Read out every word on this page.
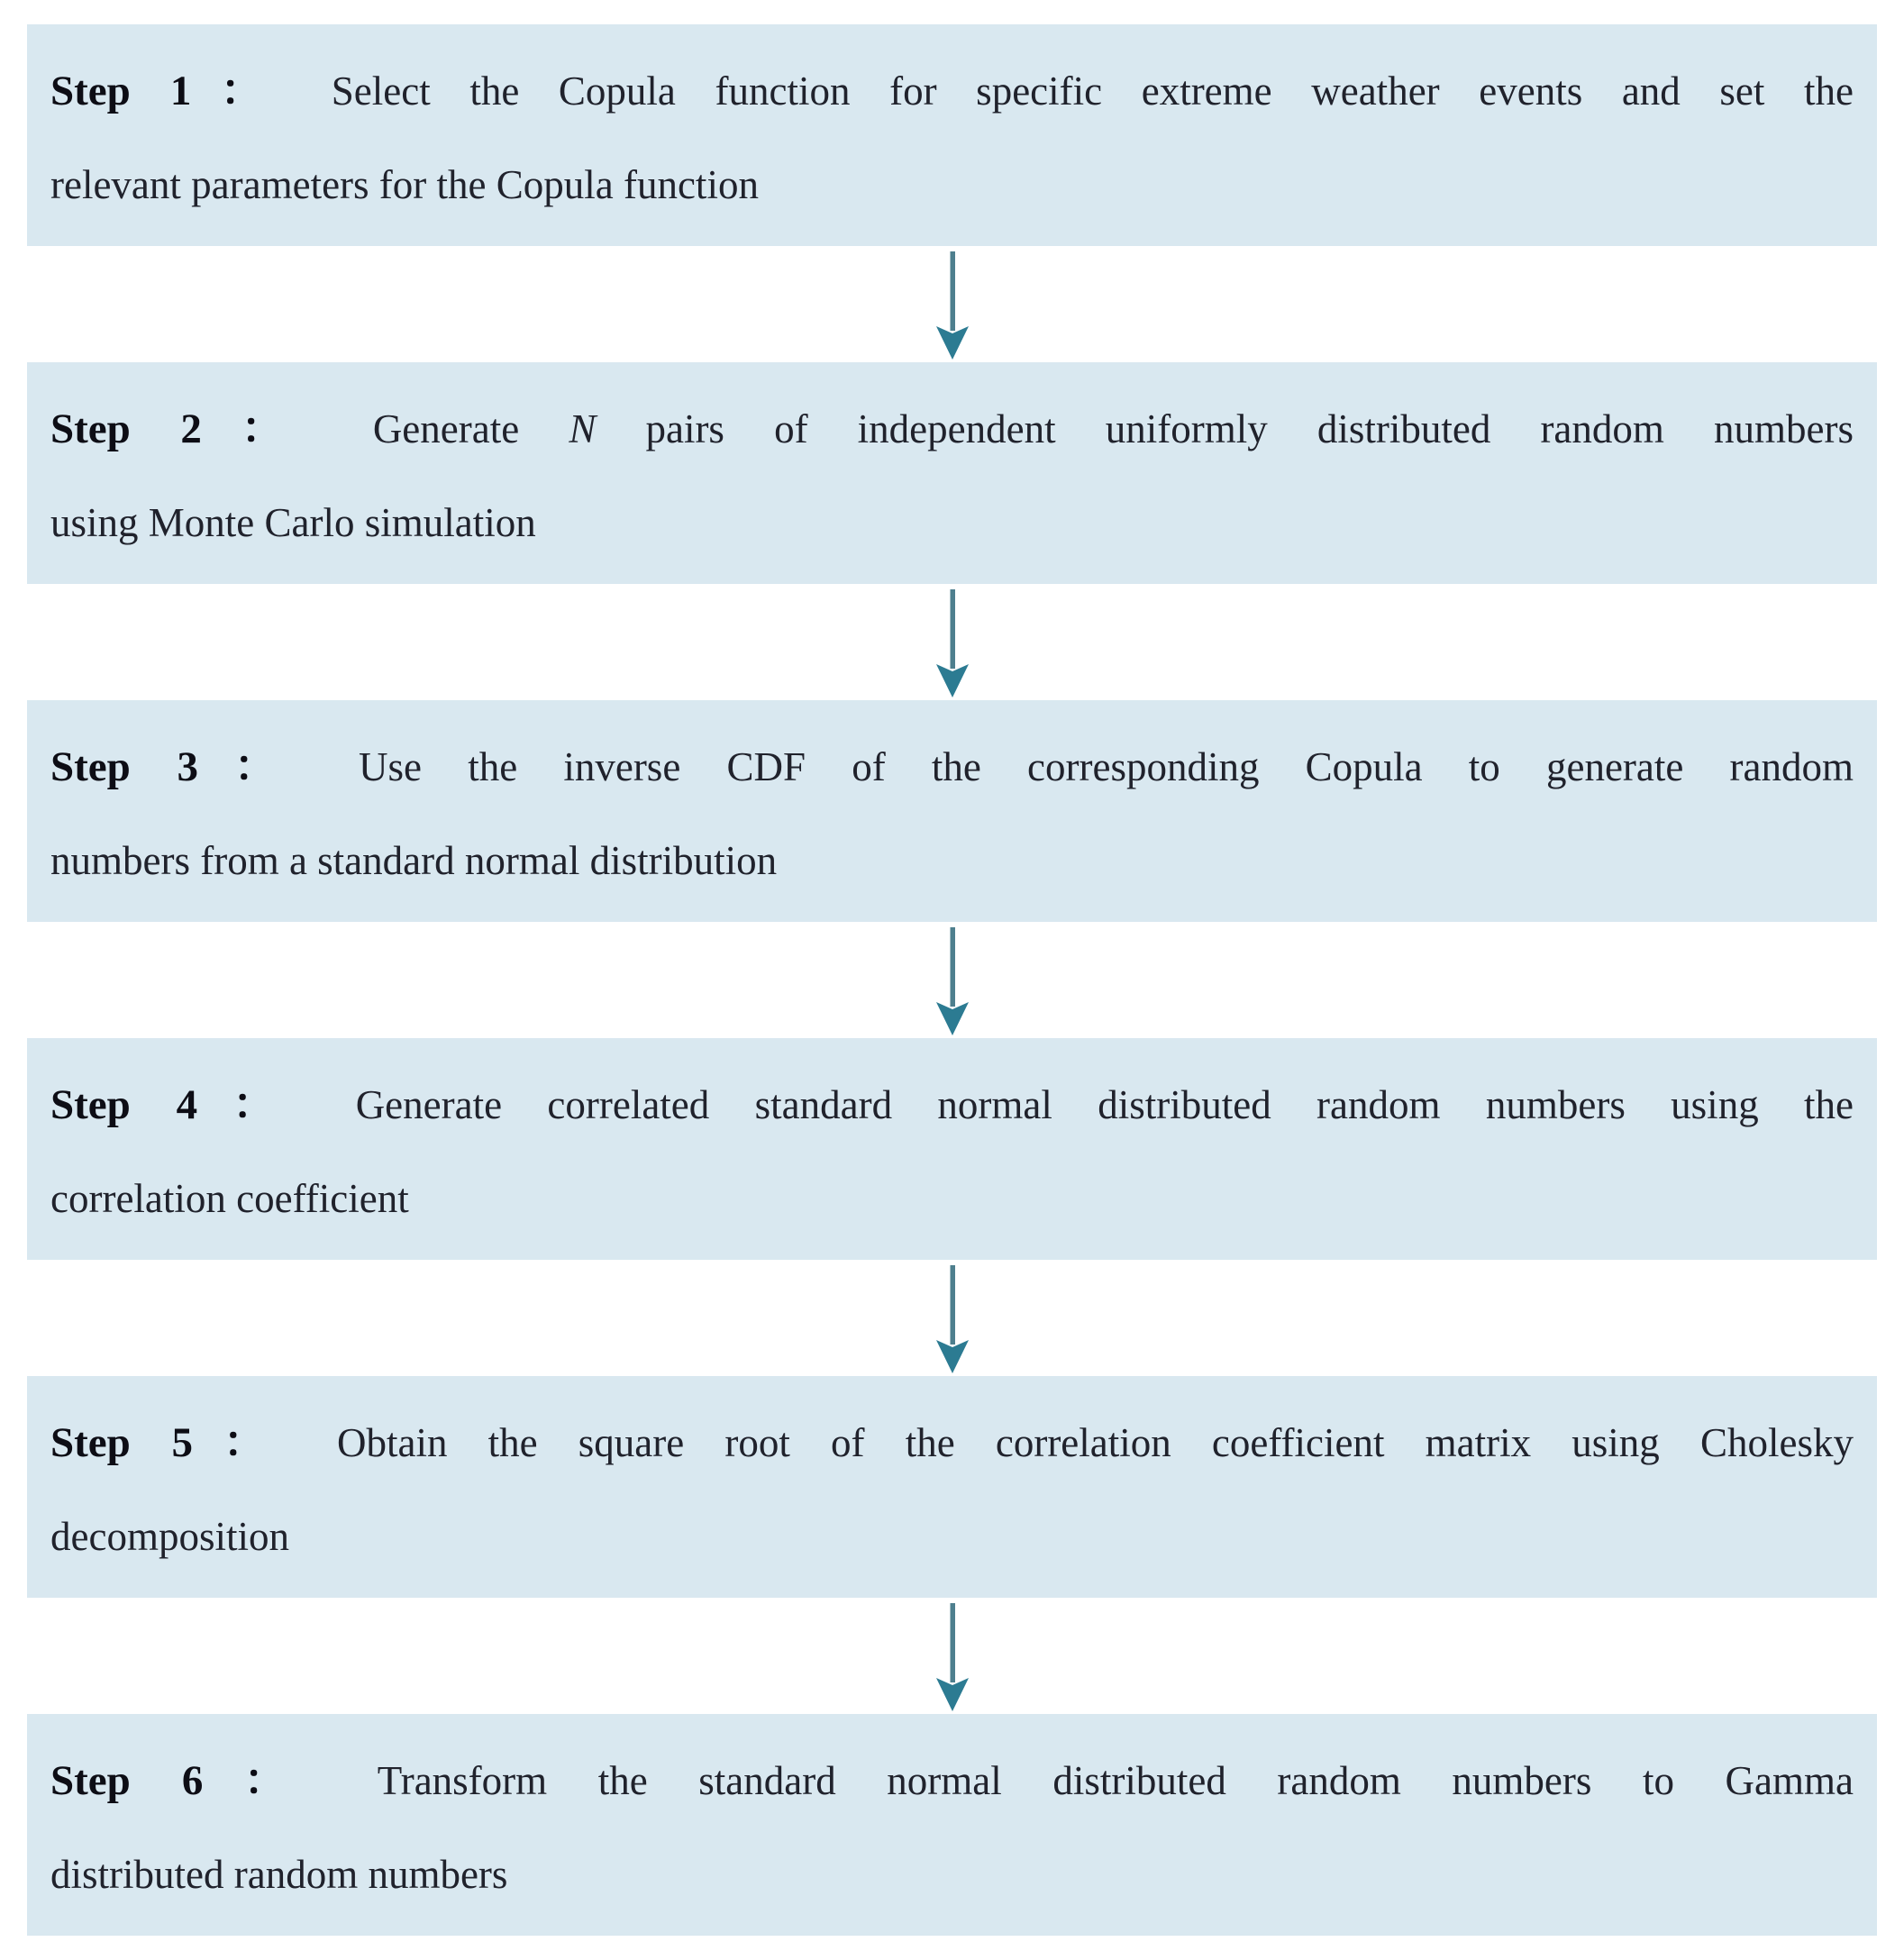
Step 1： Select the Copula function for specific extreme weather events and set the
relevant parameters for the Copula function
Step 2： Generate N pairs of independent uniformly distributed random numbers
using Monte Carlo simulation
Step 3： Use the inverse CDF of the corresponding Copula to generate random
numbers from a standard normal distribution
Step 4： Generate correlated standard normal distributed random numbers using the
correlation coefficient
Step 5： Obtain the square root of the correlation coefficient matrix using Cholesky
decomposition
Step 6： Transform the standard normal distributed random numbers to Gamma
distributed random numbers
